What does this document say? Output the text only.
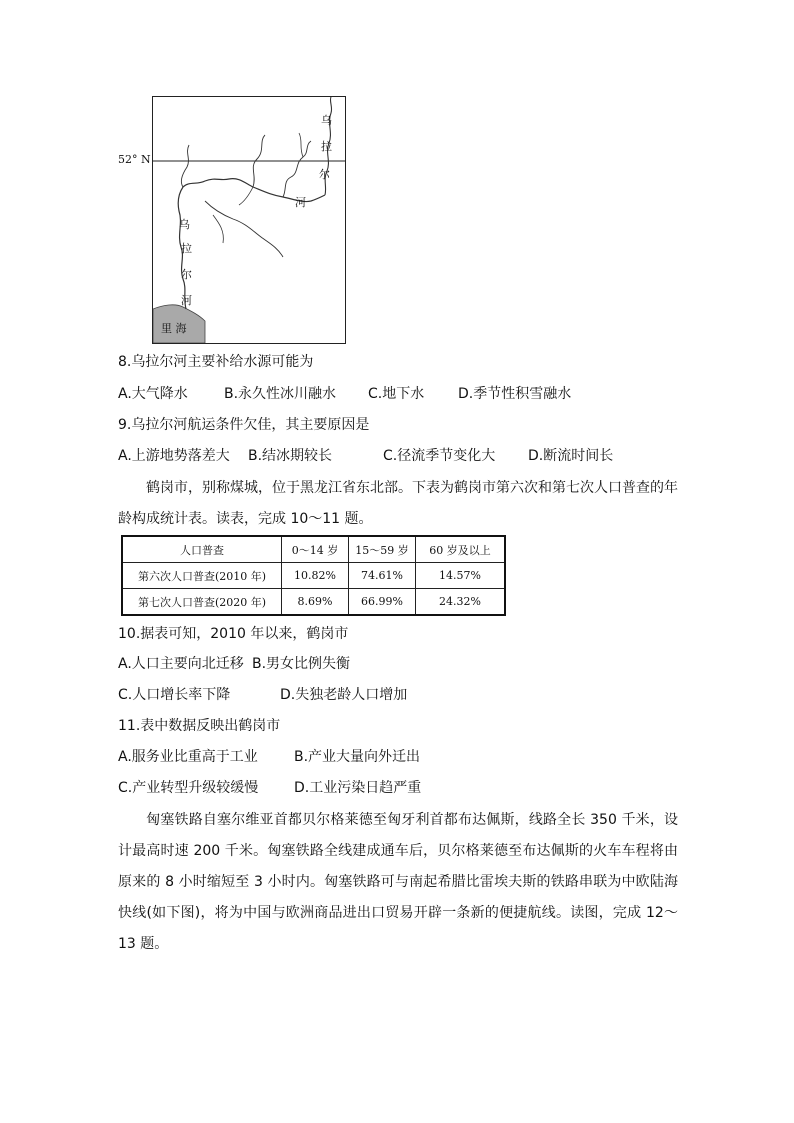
52° N
乌
拉
尔
河
乌
拉
尔
河
里 海
8.乌拉尔河主要补给水源可能为
A.大气降水	B.永久性冰川融水 C.地下水 D.季节性积雪融水
9.乌拉尔河航运条件欠佳，其主要原因是
A.上游地势落差大 B.结冰期较长	C.径流季节变化大 D.断流时间长
鹤岗市，别称煤城，位于黑龙江省东北部。下表为鹤岗市第六次和第七次人口普查的年龄构成统计表。读表，完成 10～11 题。
人口普查	0～14 岁	15～59 岁	60 岁及以上
第六次人口普查(2010 年)	10.82%	74.61%	14.57%
第七次人口普查(2020 年)	8.69%	66.99%	24.32%
10.据表可知，2010 年以来，鹤岗市
A.人口主要向北迁移 B.男女比例失衡
C.人口增长率下降	D.失独老龄人口增加
11.表中数据反映出鹤岗市
A.服务业比重高于工业	B.产业大量向外迁出
C.产业转型升级较缓慢	D.工业污染日趋严重
匈塞铁路自塞尔维亚首都贝尔格莱德至匈牙利首都布达佩斯，线路全长 350 千米，设计最高时速 200 千米。匈塞铁路全线建成通车后，贝尔格莱德至布达佩斯的火车车程将由原来的 8 小时缩短至 3 小时内。匈塞铁路可与南起希腊比雷埃夫斯的铁路串联为中欧陆海快线(如下图)，将为中国与欧洲商品进出口贸易开辟一条新的便捷航线。读图，完成 12～13 题。
